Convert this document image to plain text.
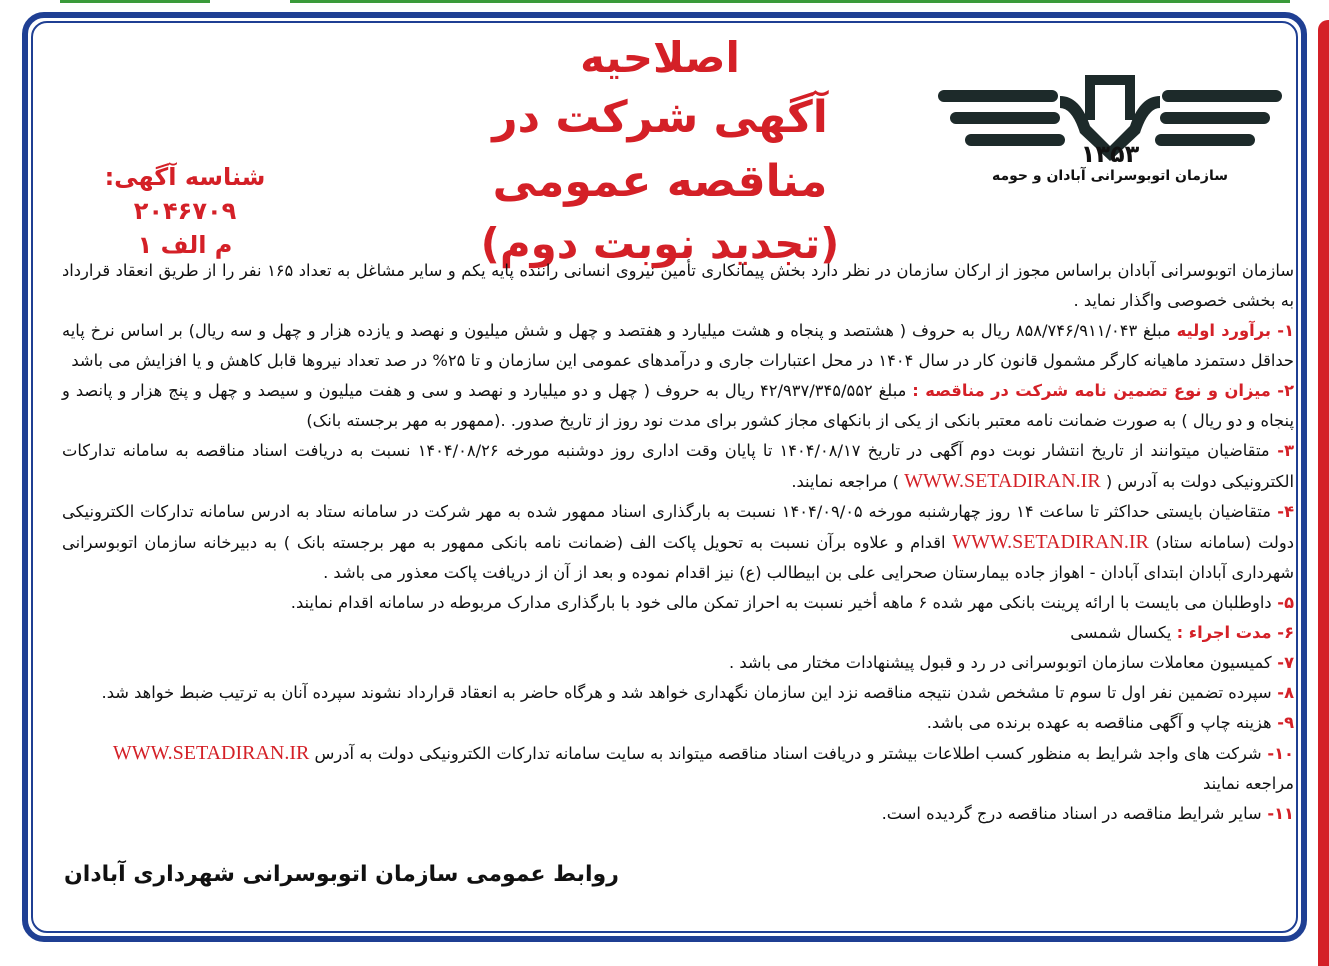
۱۳۵۳
سازمان اتوبوسرانی آبادان و حومه
اصلاحیه
آگهی شرکت در مناقصه عمومی
(تجدید نوبت دوم)
شناسه آگهی: ۲۰۴۶۷۰۹
م الف ۱

سازمان اتوبوسرانی آبادان براساس مجوز از ارکان سازمان در نظر دارد بخش پیمانکاری تأمین نیروی انسانی راننده پایه یکم و سایر مشاغل به تعداد ۱۶۵ نفر را از طریق انعقاد قرارداد به بخشی خصوصی واگذار نماید .

۱- برآورد اولیه مبلغ ۸۵۸/۷۴۶/۹۱۱/۰۴۳ ریال به حروف ( هشتصد و پنجاه و هشت میلیارد و هفتصد و چهل و شش میلیون و نهصد و یازده هزار و چهل و سه ریال) بر اساس نرخ پایه حداقل دستمزد ماهیانه کارگر مشمول قانون کار در سال ۱۴۰۴ در محل اعتبارات جاری و درآمدهای عمومی این سازمان و تا ۲۵% در صد تعداد نیروها قابل کاهش و یا افزایش می باشد

۲- میزان و نوع تضمین نامه شرکت در مناقصه : مبلغ ۴۲/۹۳۷/۳۴۵/۵۵۲ ریال به حروف ( چهل و دو میلیارد و نهصد و سی و هفت میلیون و سیصد و چهل و پنج هزار و پانصد و پنجاه و دو ریال ) به صورت ضمانت نامه معتبر بانکی از یکی از بانکهای مجاز کشور برای مدت نود روز از تاریخ صدور. .(ممهور به مهر برجسته بانک)

۳- متقاضیان میتوانند از تاریخ انتشار نوبت دوم آگهی در تاریخ ۱۴۰۴/۰۸/۱۷ تا پایان وقت اداری روز دوشنبه مورخه ۱۴۰۴/۰۸/۲۶ نسبت به دریافت اسناد مناقصه به سامانه تدارکات الکترونیکی دولت به آدرس ( WWW.SETADIRAN.IR ) مراجعه نمایند.

۴- متقاضیان بایستی حداکثر تا ساعت ۱۴ روز چهارشنبه مورخه ۱۴۰۴/۰۹/۰۵ نسبت به بارگذاری اسناد ممهور شده به مهر شرکت در سامانه ستاد به ادرس سامانه تدارکات الکترونیکی دولت (سامانه ستاد) WWW.SETADIRAN.IR اقدام و علاوه برآن نسبت به تحویل پاکت الف (ضمانت نامه بانکی ممهور به مهر برجسته بانک ) به دبیرخانه سازمان اتوبوسرانی شهرداری آبادان ابتدای آبادان - اهواز جاده بیمارستان صحرایی علی بن ابیطالب (ع) نیز اقدام نموده و بعد از آن از دریافت پاکت معذور می باشد .

۵- داوطلبان می بایست با ارائه پرینت بانکی مهر شده ۶ ماهه أخیر نسبت به احراز تمکن مالی خود با بارگذاری مدارک مربوطه در سامانه اقدام نمایند.

۶- مدت اجراء : یکسال شمسی

۷- کمیسیون معاملات سازمان اتوبوسرانی در رد و قبول پیشنهادات مختار می باشد .

۸- سپرده تضمین نفر اول تا سوم تا مشخص شدن نتیجه مناقصه نزد این سازمان نگهداری خواهد شد و هرگاه حاضر به انعقاد قرارداد نشوند سپرده آنان به ترتیب ضبط خواهد شد.

۹- هزینه چاپ و آگهی مناقصه به عهده برنده می باشد.

۱۰- شرکت های واجد شرایط به منظور کسب اطلاعات بیشتر و دریافت اسناد مناقصه میتواند به سایت سامانه تدارکات الکترونیکی دولت به آدرس WWW.SETADIRAN.IR
مراجعه نمایند

۱۱- سایر شرایط مناقصه در اسناد مناقصه درج گردیده است.

روابط عمومی سازمان اتوبوسرانی شهرداری آبادان
